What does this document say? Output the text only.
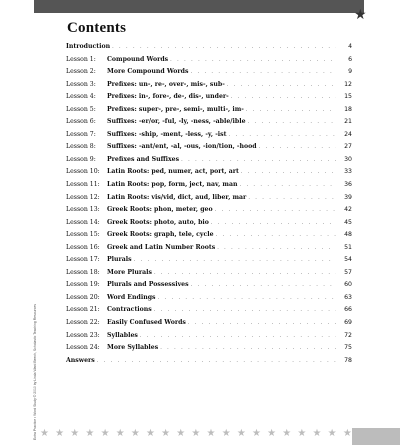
★
Contents
Introduction . . .	4
Lesson 1:	Compound Words . . .	6
Lesson 2:	More Compound Words . . .	9
Lesson 3:	Prefixes: un-, re-, over-, mis-, sub- . . .	12
Lesson 4:	Prefixes: in-, fore-, de-, dis-, under- . . .	15
Lesson 5:	Prefixes: super-, pre-, semi-, multi-, im- . . .	18
Lesson 6:	Suffixes: -er/or, -ful, -ly, -ness, -able/ible . . .	21
Lesson 7:	Suffixes: -ship, -ment, -less, -y, -ist . . .	24
Lesson 8:	Suffixes: -ant/ent, -al, -ous, -ion/tion, -hood . . .	27
Lesson 9:	Prefixes and Suffixes . . .	30
Lesson 10:	Latin Roots: ped, numer, act, port, art . . .	33
Lesson 11:	Latin Roots: pop, form, ject, nav, man . . .	36
Lesson 12:	Latin Roots: vis/vid, dict, aud, liber, mar . . .	39
Lesson 13:	Greek Roots: phon, meter, geo . . .	42
Lesson 14:	Greek Roots: photo, auto, bio . . .	45
Lesson 15:	Greek Roots: graph, tele, cycle . . .	48
Lesson 16:	Greek and Latin Number Roots . . .	51
Lesson 17:	Plurals . . .	54
Lesson 18:	More Plurals . . .	57
Lesson 19:	Plurals and Possessives . . .	60
Lesson 20:	Word Endings . . .	63
Lesson 21:	Contractions . . .	66
Lesson 22:	Easily Confused Words . . .	69
Lesson 23:	Syllables . . .	72
Lesson 24:	More Syllables . . .	75
Answers . . .	78
Extra Practice • Word Study © 2010 by Linda Ward Beech, Scholastic Teaching Resources ★ ★ ★ ★ ★ ★ ★ ★ ★ ★ ★ ★ ★ ★ ★ ★ ★ ★ ★ ★ ★
